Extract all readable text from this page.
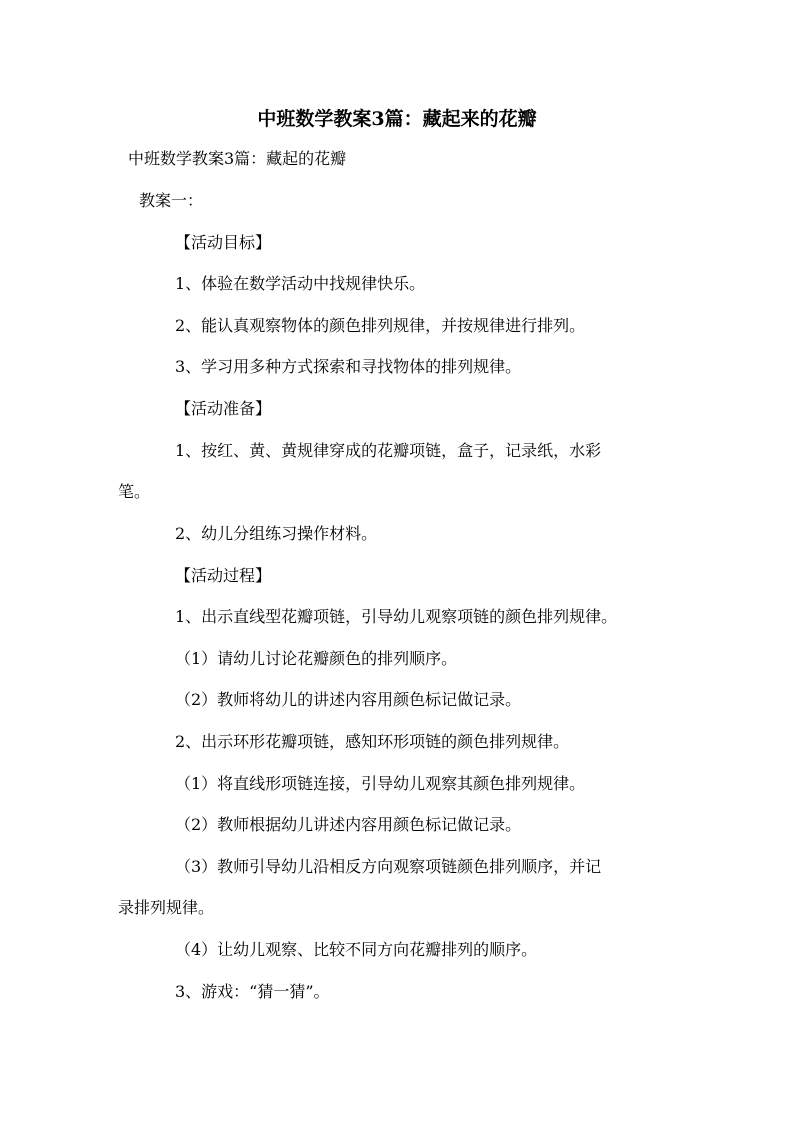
中班数学教案3篇：藏起来的花瓣

中班数学教案3篇：藏起的花瓣

教案一：

【活动目标】

1、体验在数学活动中找规律快乐。

2、能认真观察物体的颜色排列规律，并按规律进行排列。

3、学习用多种方式探索和寻找物体的排列规律。

【活动准备】

1、按红、黄、黄规律穿成的花瓣项链，盒子，记录纸，水彩

笔。

2、幼儿分组练习操作材料。

【活动过程】

1、出示直线型花瓣项链，引导幼儿观察项链的颜色排列规律。

（1）请幼儿讨论花瓣颜色的排列顺序。

（2）教师将幼儿的讲述内容用颜色标记做记录。

2、出示环形花瓣项链，感知环形项链的颜色排列规律。

（1）将直线形项链连接，引导幼儿观察其颜色排列规律。

（2）教师根据幼儿讲述内容用颜色标记做记录。

（3）教师引导幼儿沿相反方向观察项链颜色排列顺序，并记

录排列规律。

（4）让幼儿观察、比较不同方向花瓣排列的顺序。

3、游戏：“猜一猜”。
